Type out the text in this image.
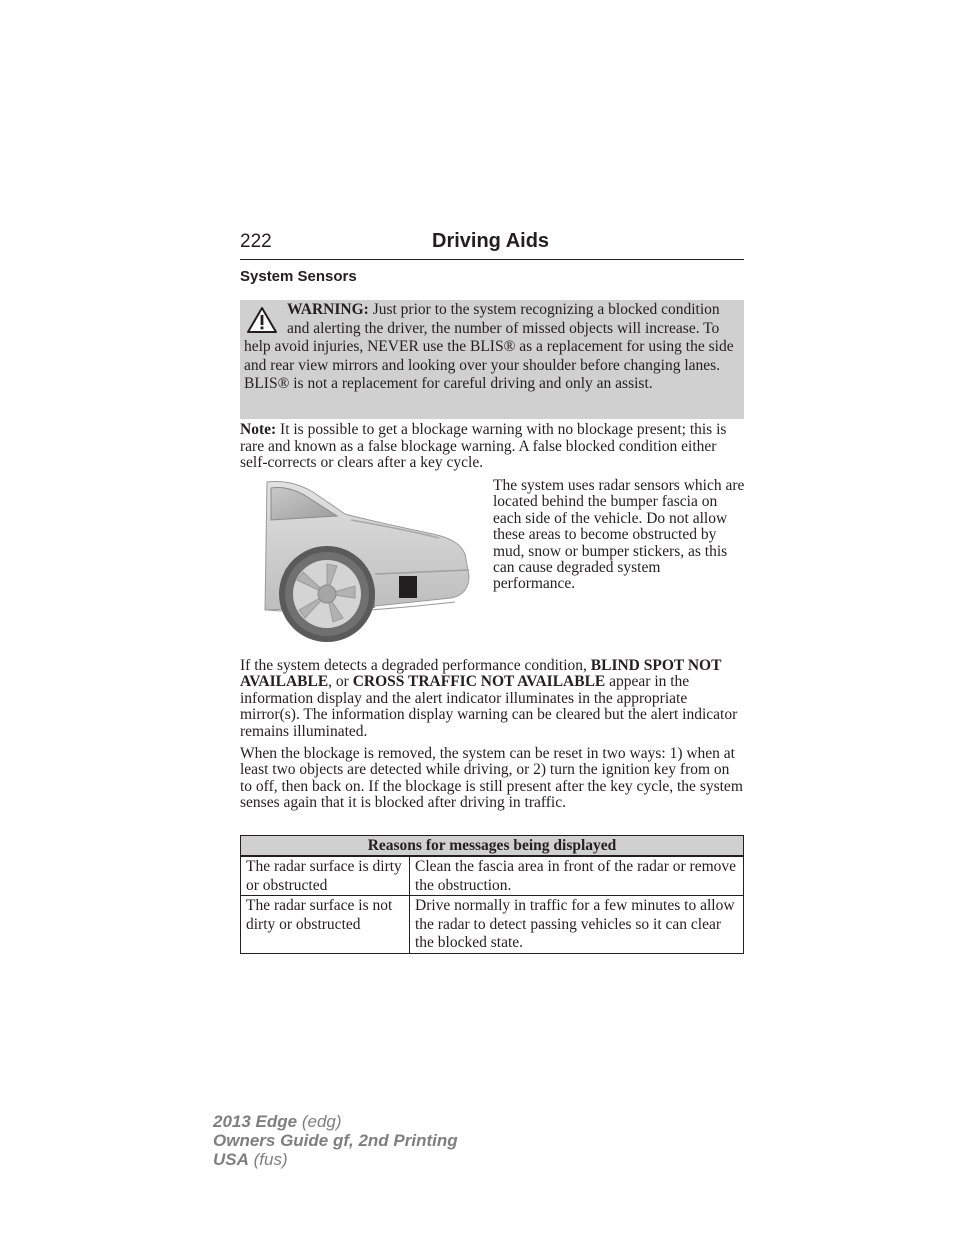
222	Driving Aids
System Sensors
WARNING: Just prior to the system recognizing a blocked condition and alerting the driver, the number of missed objects will increase. To help avoid injuries, NEVER use the BLIS® as a replacement for using the side and rear view mirrors and looking over your shoulder before changing lanes. BLIS® is not a replacement for careful driving and only an assist.
Note: It is possible to get a blockage warning with no blockage present; this is rare and known as a false blockage warning. A false blocked condition either self-corrects or clears after a key cycle.
The system uses radar sensors which are located behind the bumper fascia on each side of the vehicle. Do not allow these areas to become obstructed by mud, snow or bumper stickers, as this can cause degraded system performance.
If the system detects a degraded performance condition, BLIND SPOT NOT AVAILABLE, or CROSS TRAFFIC NOT AVAILABLE appear in the information display and the alert indicator illuminates in the appropriate mirror(s). The information display warning can be cleared but the alert indicator remains illuminated.
When the blockage is removed, the system can be reset in two ways: 1) when at least two objects are detected while driving, or 2) turn the ignition key from on to off, then back on. If the blockage is still present after the key cycle, the system senses again that it is blocked after driving in traffic.
Reasons for messages being displayed	
The radar surface is dirty or obstructed	Clean the fascia area in front of the radar or remove the obstruction.
The radar surface is not dirty or obstructed	Drive normally in traffic for a few minutes to allow the radar to detect passing vehicles so it can clear the blocked state.
2013 Edge (edg)
Owners Guide gf, 2nd Printing
USA (fus)
